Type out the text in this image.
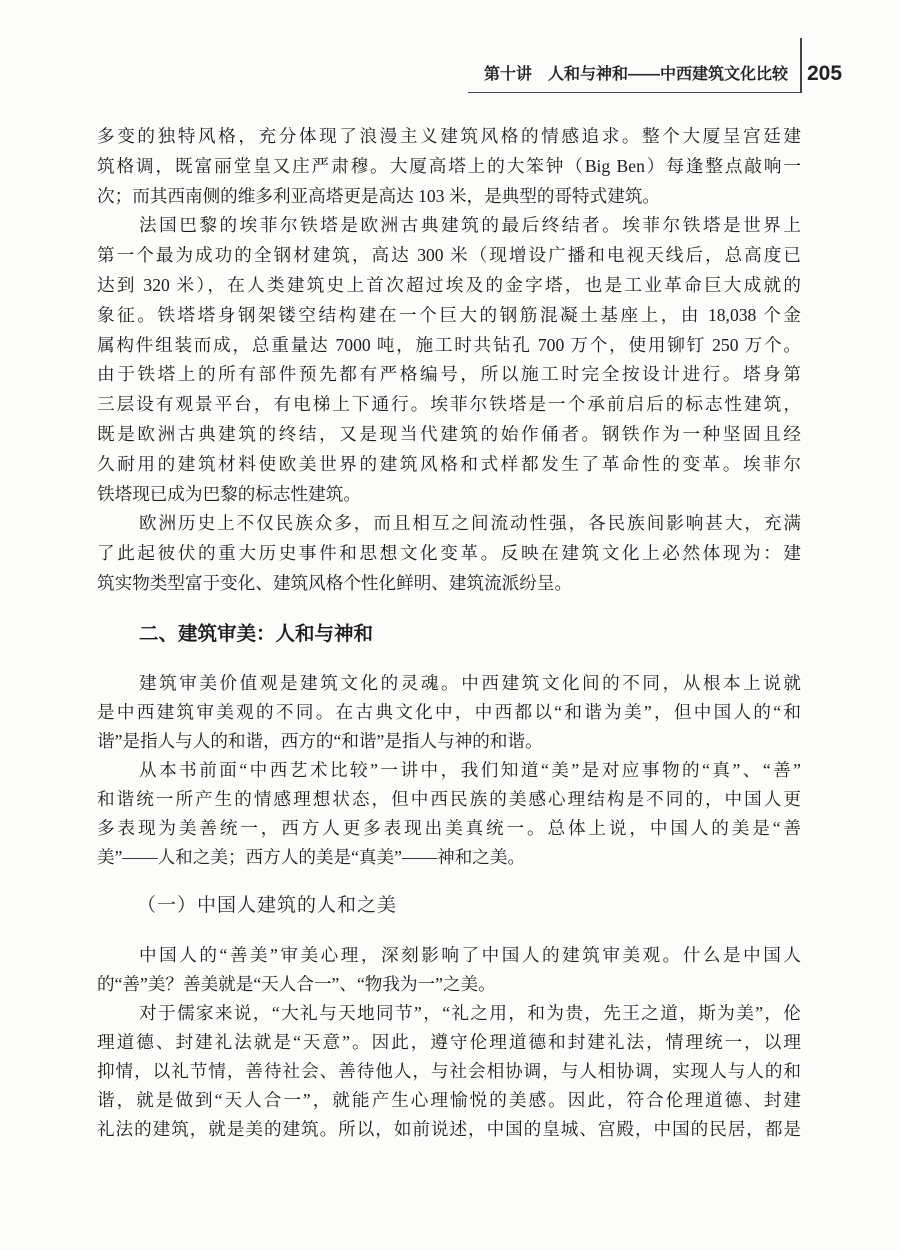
第十讲　人和与神和——中西建筑文化比较 205
多变的独特风格，充分体现了浪漫主义建筑风格的情感追求。整个大厦呈宫廷建
筑格调，既富丽堂皇又庄严肃穆。大厦高塔上的大笨钟（Big Ben）每逢整点敲响一
次；而其西南侧的维多利亚高塔更是高达 103 米，是典型的哥特式建筑。
法国巴黎的埃菲尔铁塔是欧洲古典建筑的最后终结者。埃菲尔铁塔是世界上
第一个最为成功的全钢材建筑，高达 300 米（现增设广播和电视天线后，总高度已
达到 320 米），在人类建筑史上首次超过埃及的金字塔，也是工业革命巨大成就的
象征。铁塔塔身钢架镂空结构建在一个巨大的钢筋混凝土基座上，由 18,038 个金
属构件组装而成，总重量达 7000 吨，施工时共钻孔 700 万个，使用铆钉 250 万个。
由于铁塔上的所有部件预先都有严格编号，所以施工时完全按设计进行。塔身第
三层设有观景平台，有电梯上下通行。埃菲尔铁塔是一个承前启后的标志性建筑，
既是欧洲古典建筑的终结，又是现当代建筑的始作俑者。钢铁作为一种坚固且经
久耐用的建筑材料使欧美世界的建筑风格和式样都发生了革命性的变革。埃菲尔
铁塔现已成为巴黎的标志性建筑。
欧洲历史上不仅民族众多，而且相互之间流动性强，各民族间影响甚大，充满
了此起彼伏的重大历史事件和思想文化变革。反映在建筑文化上必然体现为：建
筑实物类型富于变化、建筑风格个性化鲜明、建筑流派纷呈。
二、建筑审美：人和与神和
建筑审美价值观是建筑文化的灵魂。中西建筑文化间的不同，从根本上说就
是中西建筑审美观的不同。在古典文化中，中西都以“和谐为美”，但中国人的“和
谐”是指人与人的和谐，西方的“和谐”是指人与神的和谐。
从本书前面“中西艺术比较”一讲中，我们知道“美”是对应事物的“真”、“善”
和谐统一所产生的情感理想状态，但中西民族的美感心理结构是不同的，中国人更
多表现为美善统一，西方人更多表现出美真统一。总体上说，中国人的美是“善
美”——人和之美；西方人的美是“真美”——神和之美。
（一）中国人建筑的人和之美
中国人的“善美”审美心理，深刻影响了中国人的建筑审美观。什么是中国人
的“善”美？善美就是“天人合一”、“物我为一”之美。
对于儒家来说，“大礼与天地同节”，“礼之用，和为贵，先王之道，斯为美”，伦
理道德、封建礼法就是“天意”。因此，遵守伦理道德和封建礼法，情理统一，以理
抑情，以礼节情，善待社会、善待他人，与社会相协调，与人相协调，实现人与人的和
谐，就是做到“天人合一”，就能产生心理愉悦的美感。因此，符合伦理道德、封建
礼法的建筑，就是美的建筑。所以，如前说述，中国的皇城、宫殿，中国的民居，都是
